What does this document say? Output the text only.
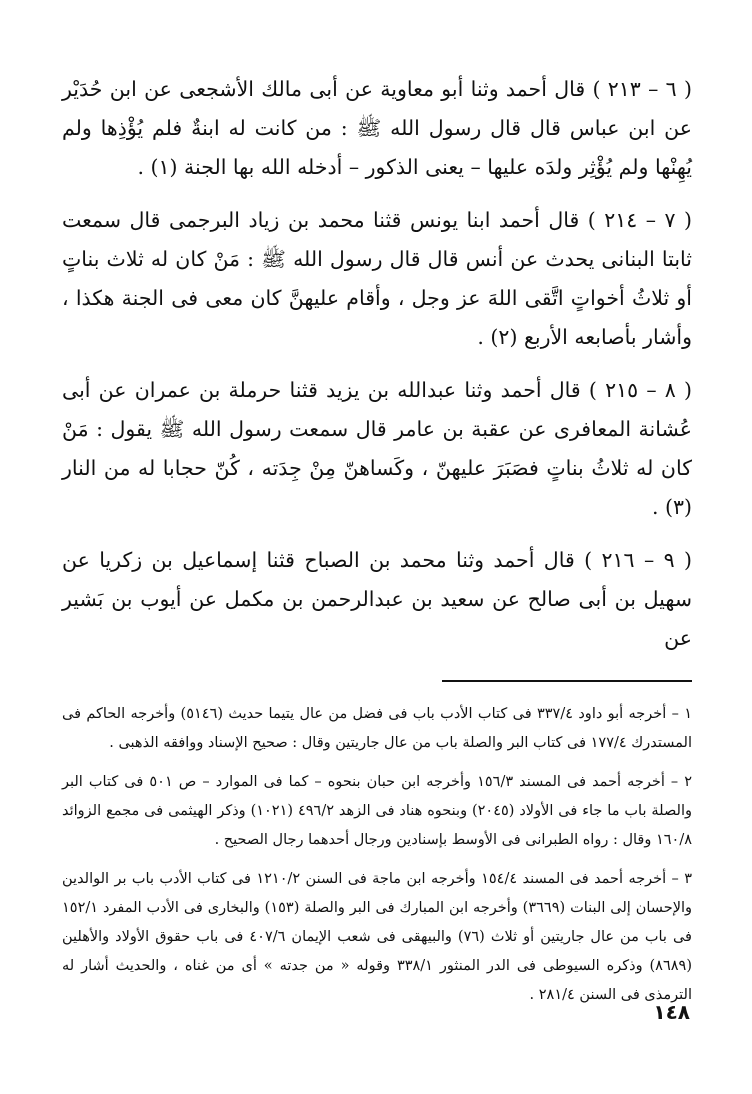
( ٦ – ٢١٣ ) قال أحمد وثنا أبو معاوية عن أبى مالك الأشجعى عن ابن حُدَيْر عن ابن عباس قال قال رسول الله ﷺ : من كانت له ابنةٌ فلم يُؤْذِها ولم يُهِنْها ولم يُؤْثِر ولدَه عليها – يعنى الذكور – أدخله الله بها الجنة (١) .

( ٧ – ٢١٤ ) قال أحمد ابنا يونس قثنا محمد بن زياد البرجمى قال سمعت ثابتا البنانى يحدث عن أنس قال قال رسول الله ﷺ : مَنْ كان له ثلاث بناتٍ أو ثلاثُ أخواتٍ اتَّقى اللهَ عز وجل ، وأقام عليهنَّ كان معى فى الجنة هكذا ، وأشار بأصابعه الأربع (٢) .

( ٨ – ٢١٥ ) قال أحمد وثنا عبدالله بن يزيد قثنا حرملة بن عمران عن أبى عُشانة المعافرى عن عقبة بن عامر قال سمعت رسول الله ﷺ يقول : مَنْ كان له ثلاثُ بناتٍ فصَبَرَ عليهنّ ، وكَساهنّ مِنْ جِدَته ، كُنّ حجابا له من النار (٣) .

( ٩ – ٢١٦ ) قال أحمد وثنا محمد بن الصباح قثنا إسماعيل بن زكريا عن سهيل بن أبى صالح عن سعيد بن عبدالرحمن بن مكمل عن أيوب بن بَشير عن

١ – أخرجه أبو داود ٣٣٧/٤ فى كتاب الأدب باب فى فضل من عال يتيما حديث (٥١٤٦) وأخرجه الحاكم فى المستدرك ١٧٧/٤ فى كتاب البر والصلة باب من عال جاريتين وقال : صحيح الإسناد ووافقه الذهبى .

٢ – أخرجه أحمد فى المسند ١٥٦/٣ وأخرجه ابن حبان بنحوه – كما فى الموارد – ص ٥٠١ فى كتاب البر والصلة باب ما جاء فى الأولاد (٢٠٤٥) وبنحوه هناد فى الزهد ٤٩٦/٢ (١٠٢١) وذكر الهيثمى فى مجمع الزوائد ١٦٠/٨ وقال : رواه الطبرانى فى الأوسط بإسنادين ورجال أحدهما رجال الصحيح .

٣ – أخرجه أحمد فى المسند ١٥٤/٤ وأخرجه ابن ماجة فى السنن ١٢١٠/٢ فى كتاب الأدب باب بر الوالدين والإحسان إلى البنات (٣٦٦٩) وأخرجه ابن المبارك فى البر والصلة (١٥٣) والبخارى فى الأدب المفرد ١٥٢/١ فى باب من عال جاريتين أو ثلاث (٧٦) والبيهقى فى شعب الإيمان ٤٠٧/٦ فى باب حقوق الأولاد والأهلين (٨٦٨٩) وذكره السيوطى فى الدر المنثور ٣٣٨/١ وقوله « من جدته » أى من غناه ، والحديث أشار له الترمذى فى السنن ٢٨١/٤ .

١٤٨
